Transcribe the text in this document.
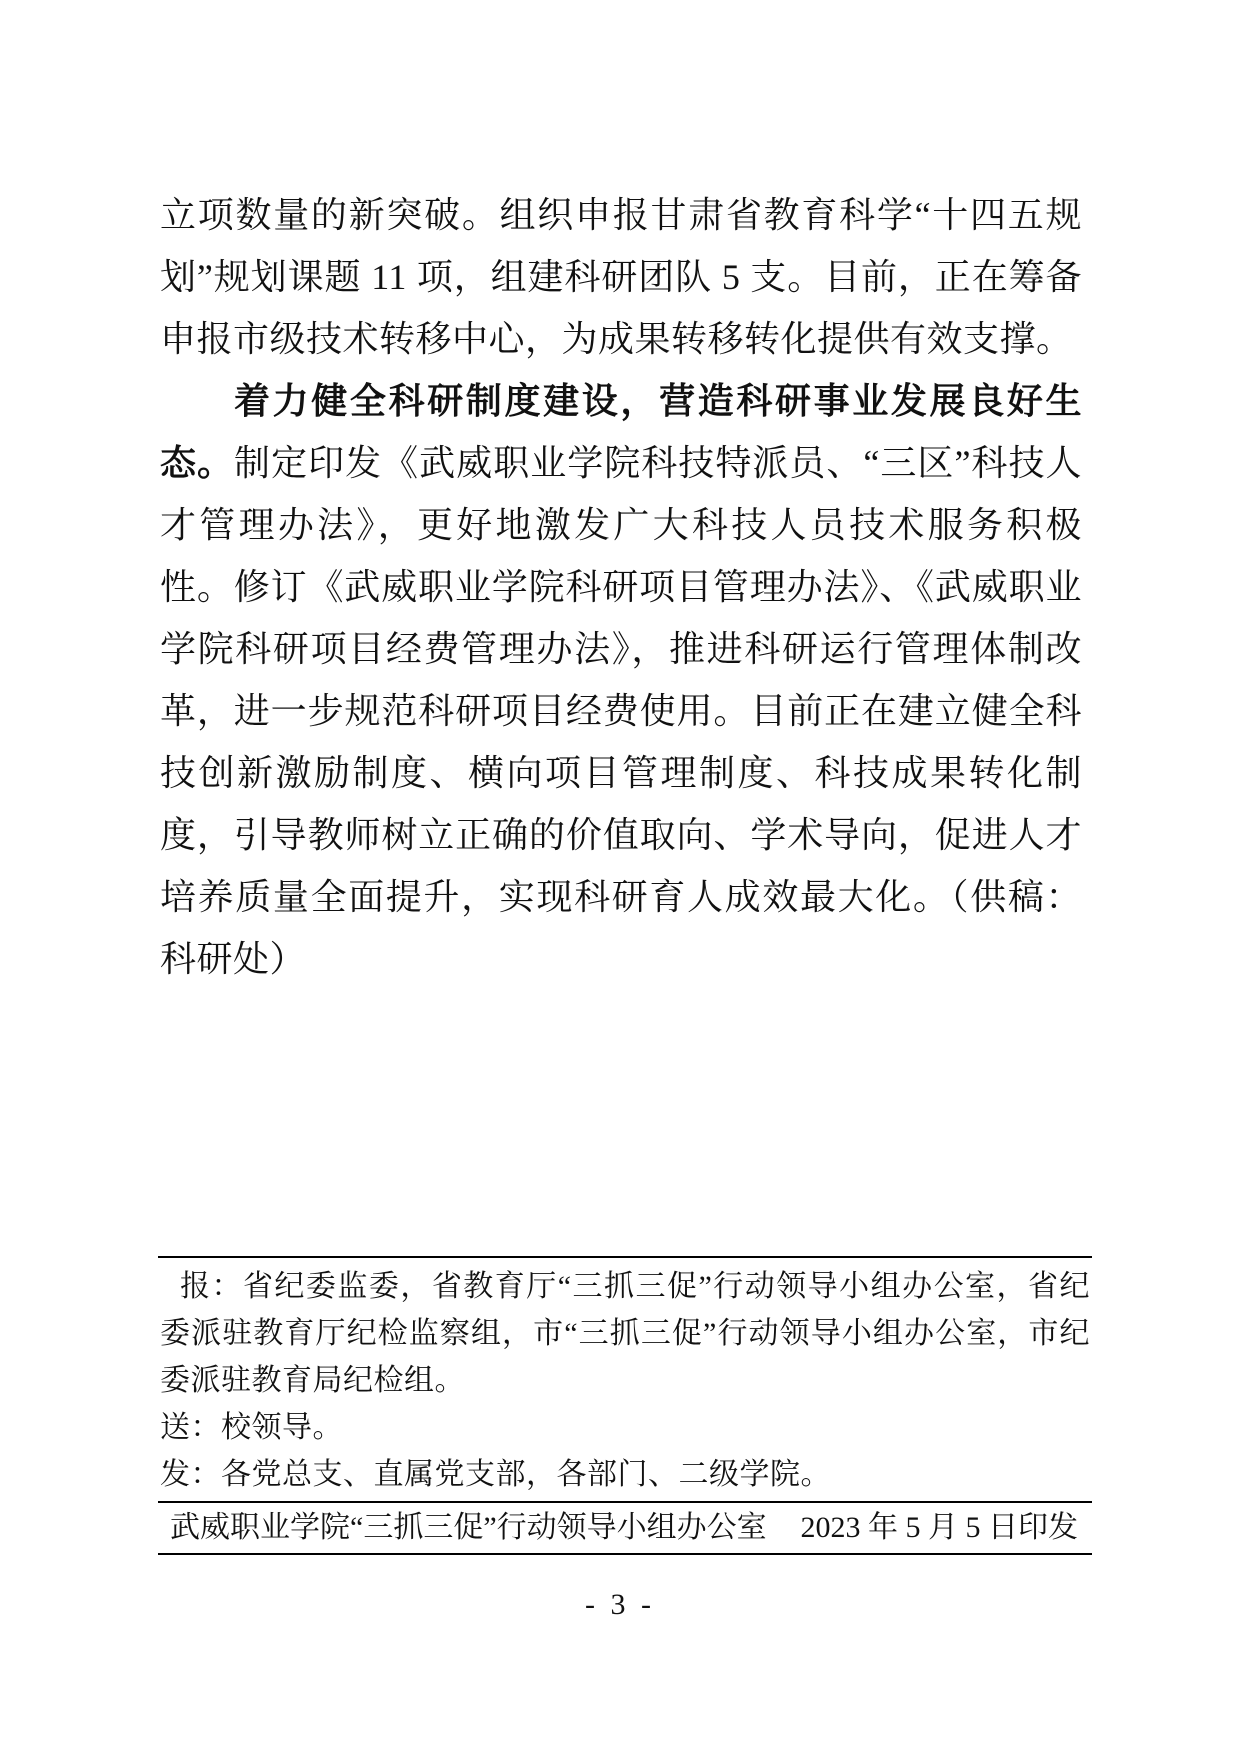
立项数量的新突破。组织申报甘肃省教育科学“十四五规划”规划课题 11 项，组建科研团队 5 支。目前，正在筹备申报市级技术转移中心，为成果转移转化提供有效支撑。

着力健全科研制度建设，营造科研事业发展良好生态。制定印发《武威职业学院科技特派员、“三区”科技人才管理办法》，更好地激发广大科技人员技术服务积极性。修订《武威职业学院科研项目管理办法》、《武威职业学院科研项目经费管理办法》，推进科研运行管理体制改革，进一步规范科研项目经费使用。目前正在建立健全科技创新激励制度、横向项目管理制度、科技成果转化制度，引导教师树立正确的价值取向、学术导向，促进人才培养质量全面提升，实现科研育人成效最大化。（供稿：科研处）

报：省纪委监委，省教育厅“三抓三促”行动领导小组办公室，省纪委派驻教育厅纪检监察组，市“三抓三促”行动领导小组办公室，市纪委派驻教育局纪检组。

送：校领导。

发：各党总支、直属党支部，各部门、二级学院。

武威职业学院“三抓三促”行动领导小组办公室 2023 年 5 月 5 日印发
- 3 -
